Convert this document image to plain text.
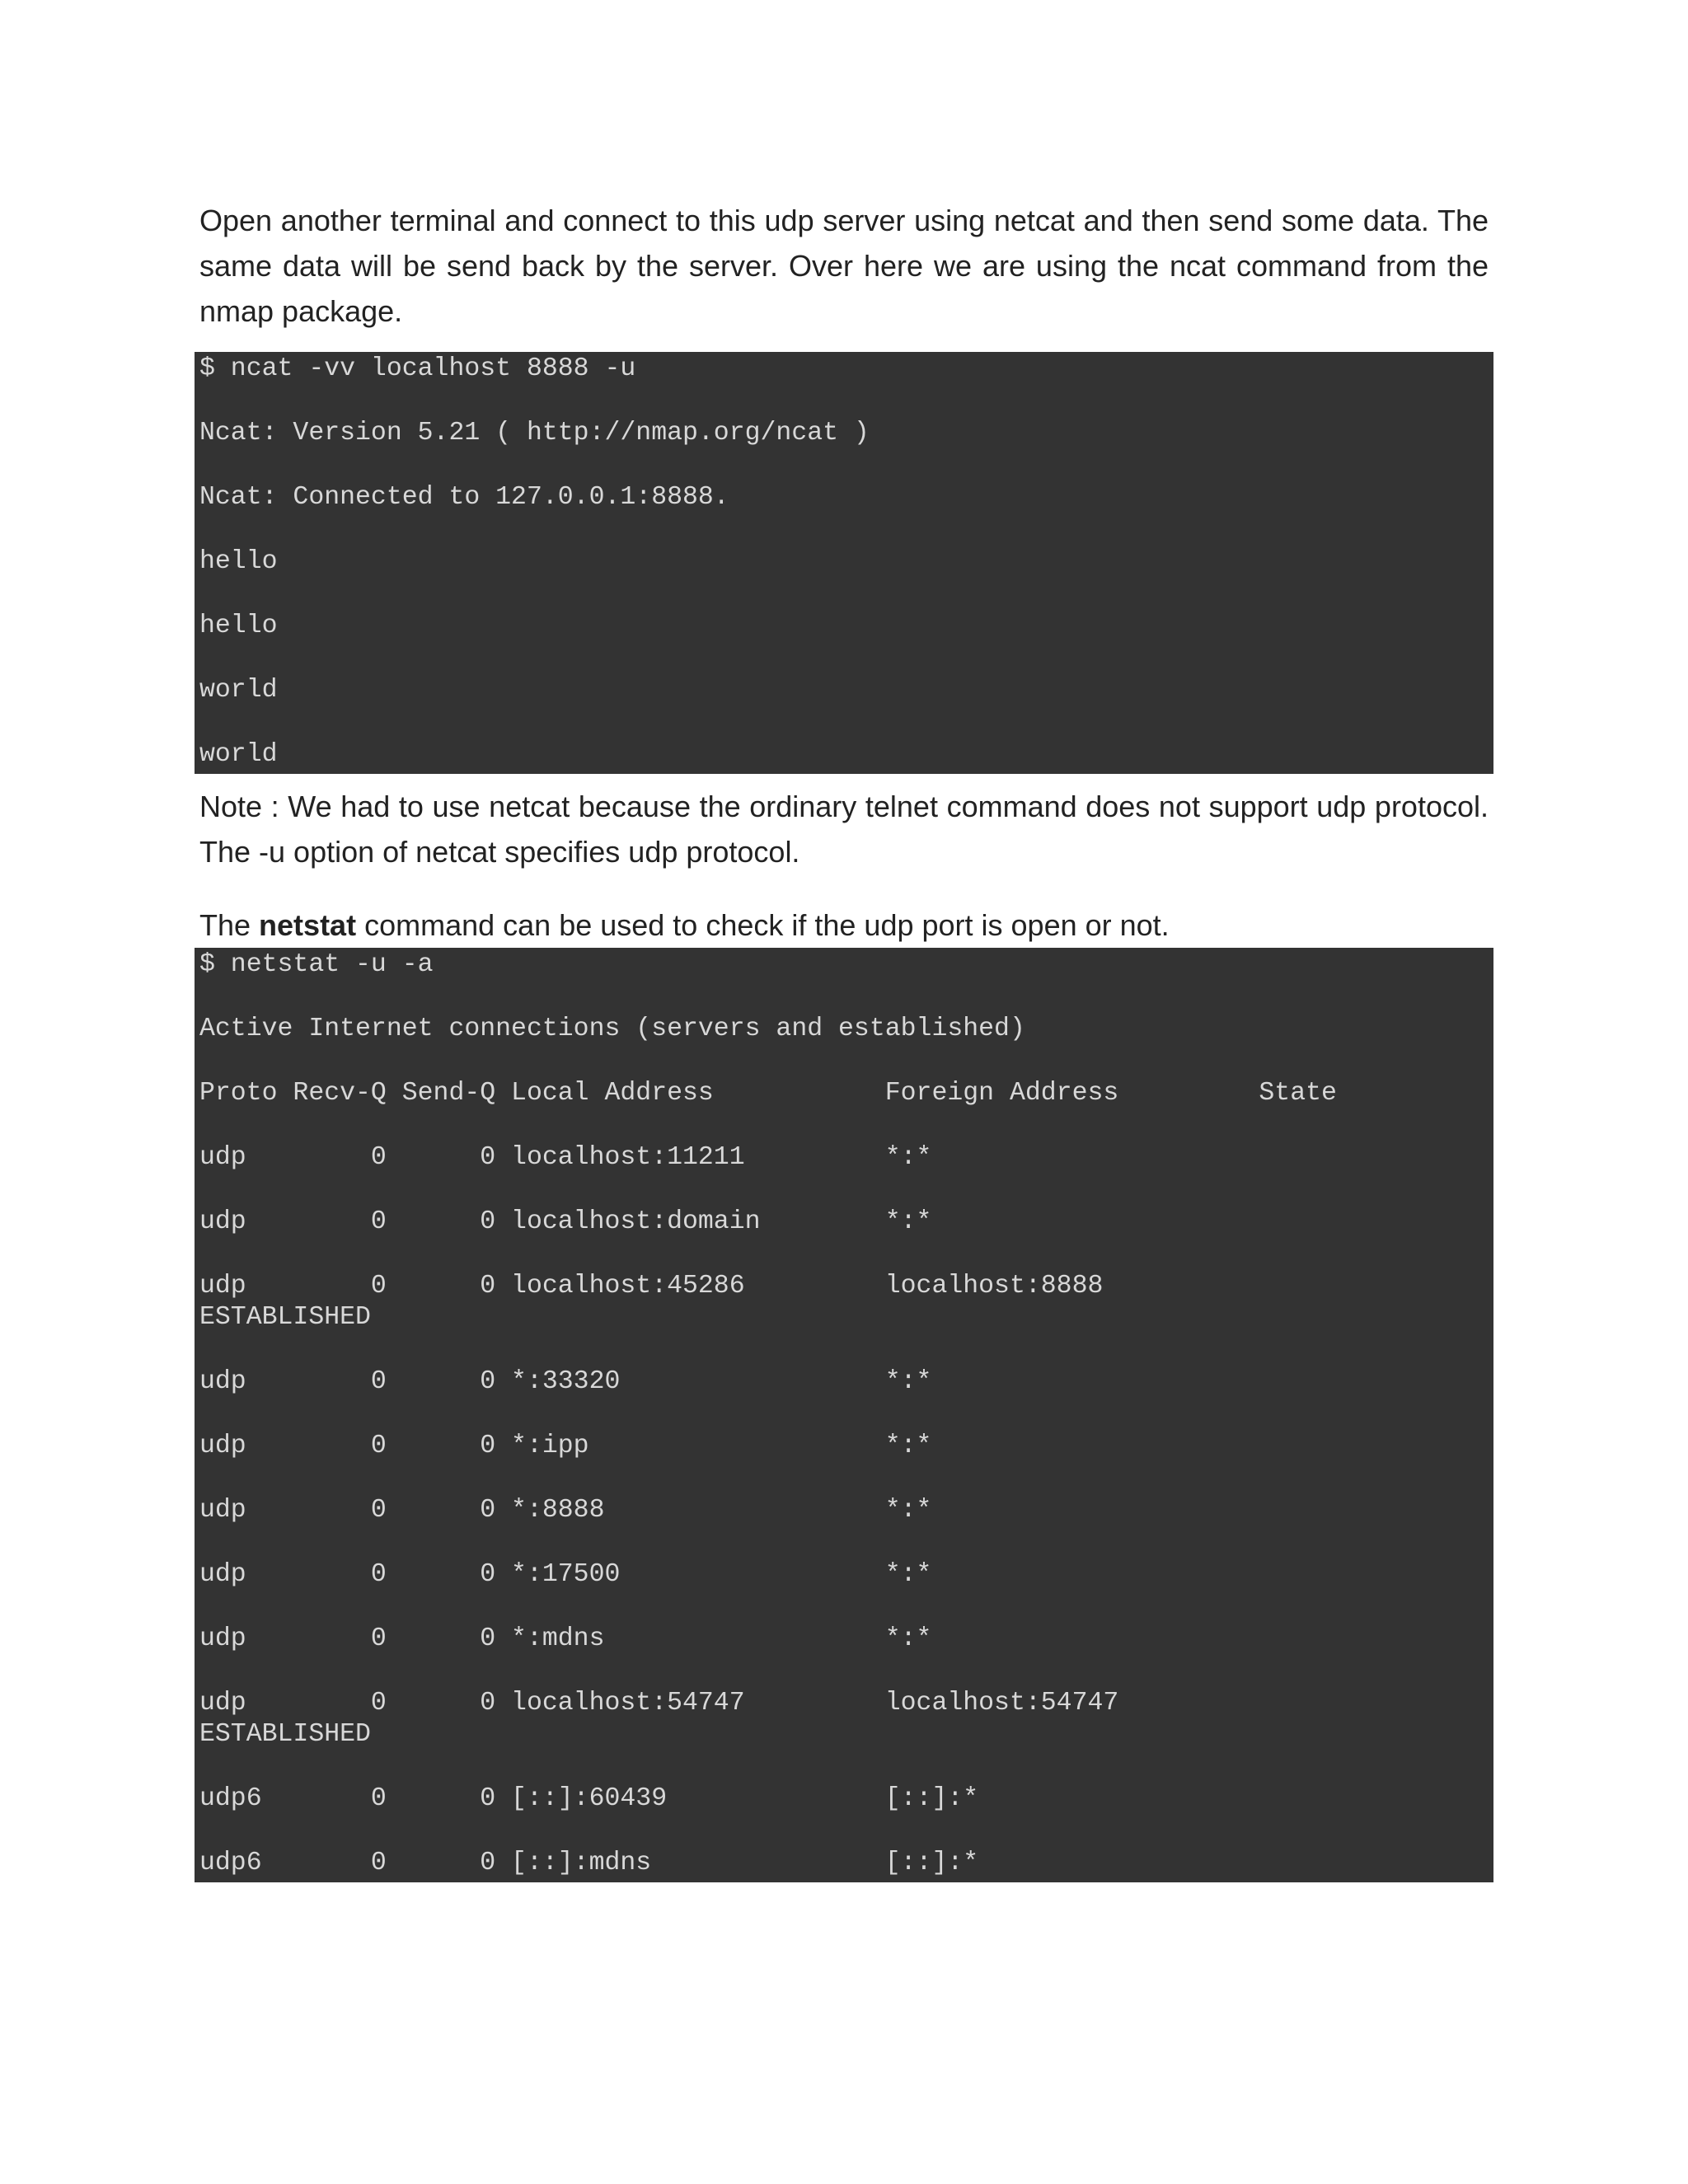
Open another terminal and connect to this udp server using netcat and then send some data. The same data will be send back by the server. Over here we are using the ncat command from the nmap package.

$ ncat -vv localhost 8888 -u
Ncat: Version 5.21 ( http://nmap.org/ncat )
Ncat: Connected to 127.0.0.1:8888.
hello
hello
world
world

Note : We had to use netcat because the ordinary telnet command does not support udp protocol. The -u option of netcat specifies udp protocol.

The netstat command can be used to check if the udp port is open or not.

$ netstat -u -a
Active Internet connections (servers and established)
Proto Recv-Q Send-Q Local Address           Foreign Address         State
udp        0      0 localhost:11211         *:*
udp        0      0 localhost:domain        *:*
udp        0      0 localhost:45286         localhost:8888
ESTABLISHED
udp        0      0 *:33320                 *:*
udp        0      0 *:ipp                   *:*
udp        0      0 *:8888                  *:*
udp        0      0 *:17500                 *:*
udp        0      0 *:mdns                  *:*
udp        0      0 localhost:54747         localhost:54747
ESTABLISHED
udp6       0      0 [::]:60439              [::]:*
udp6       0      0 [::]:mdns               [::]:*
